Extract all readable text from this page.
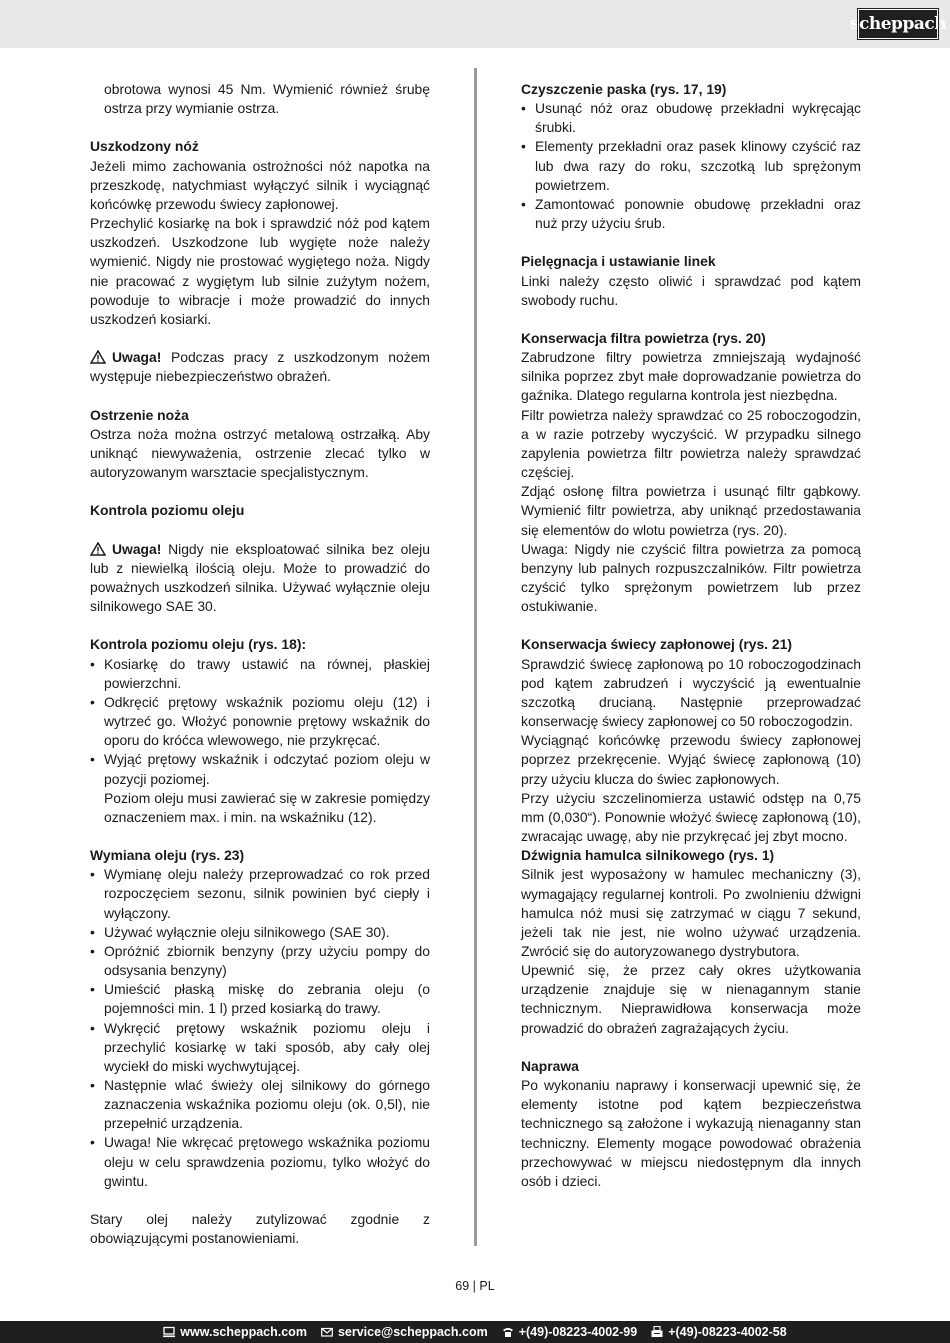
scheppach

obrotowa wynosi 45 Nm. Wymienić również śrubę ostrza przy wymianie ostrza.

Uszkodzony nóż

Jeżeli mimo zachowania ostrożności nóż napotka na przeszkodę, natychmiast wyłączyć silnik i wyciągnąć końcówkę przewodu świecy zapłonowej.

Przechylić kosiarkę na bok i sprawdzić nóż pod kątem uszkodzeń. Uszkodzone lub wygięte noże należy wymienić. Nigdy nie prostować wygiętego noża. Nigdy nie pracować z wygiętym lub silnie zużytym nożem, powoduje to wibracje i może prowadzić do innych uszkodzeń kosiarki.

Uwaga! Podczas pracy z uszkodzonym nożem występuje niebezpieczeństwo obrażeń.

Ostrzenie noża

Ostrza noża można ostrzyć metalową ostrzałką. Aby uniknąć niewyważenia, ostrzenie zlecać tylko w autoryzowanym warsztacie specjalistycznym.

Kontrola poziomu oleju

Uwaga! Nigdy nie eksploatować silnika bez oleju lub z niewielką ilością oleju. Może to prowadzić do poważnych uszkodzeń silnika. Używać wyłącznie oleju silnikowego SAE 30.

Kontrola poziomu oleju (rys. 18):
• Kosiarkę do trawy ustawić na równej, płaskiej powierzchni.
• Odkręcić prętowy wskaźnik poziomu oleju (12) i wytrzeć go. Włożyć ponownie prętowy wskaźnik do oporu do króćca wlewowego, nie przykręcać.
• Wyjąć prętowy wskaźnik i odczytać poziom oleju w pozycji poziomej.

Poziom oleju musi zawierać się w zakresie pomiędzy oznaczeniem max. i min. na wskaźniku (12).

Wymiana oleju (rys. 23)
• Wymianę oleju należy przeprowadzać co rok przed rozpoczęciem sezonu, silnik powinien być ciepły i wyłączony.
• Używać wyłącznie oleju silnikowego (SAE 30).
• Opróżnić zbiornik benzyny (przy użyciu pompy do odsysania benzyny)
• Umieścić płaską miskę do zebrania oleju (o pojemności min. 1 l) przed kosiarką do trawy.
• Wykręcić prętowy wskaźnik poziomu oleju i przechylić kosiarkę w taki sposób, aby cały olej wyciekł do miski wychwytującej.
• Następnie wlać świeży olej silnikowy do górnego zaznaczenia wskaźnika poziomu oleju (ok. 0,5l), nie przepełnić urządzenia.
• Uwaga! Nie wkręcać prętowego wskaźnika poziomu oleju w celu sprawdzenia poziomu, tylko włożyć do gwintu.

Stary olej należy zutylizować zgodnie z obowiązującymi postanowieniami.

Czyszczenie paska (rys. 17, 19)
• Usunąć nóż oraz obudowę przekładni wykręcając śrubki.
• Elementy przekładni oraz pasek klinowy czyścić raz lub dwa razy do roku, szczotką lub sprężonym powietrzem.
• Zamontować ponownie obudowę przekładni oraz nuż przy użyciu śrub.
Pielęgnacja i ustawianie linek

Linki należy często oliwić i sprawdzać pod kątem swobody ruchu.

Konserwacja filtra powietrza (rys. 20)

Zabrudzone filtry powietrza zmniejszają wydajność silnika poprzez zbyt małe doprowadzanie powietrza do gaźnika. Dlatego regularna kontrola jest niezbędna.

Filtr powietrza należy sprawdzać co 25 roboczogodzin, a w razie potrzeby wyczyścić. W przypadku silnego zapylenia powietrza filtr powietrza należy sprawdzać częściej.

Zdjąć osłonę filtra powietrza i usunąć filtr gąbkowy. Wymienić filtr powietrza, aby uniknąć przedostawania się elementów do wlotu powietrza (rys. 20).

Uwaga: Nigdy nie czyścić filtra powietrza za pomocą benzyny lub palnych rozpuszczalników. Filtr powietrza czyścić tylko sprężonym powietrzem lub przez ostukiwanie.

Konserwacja świecy zapłonowej (rys. 21)

Sprawdzić świecę zapłonową po 10 roboczogodzinach pod kątem zabrudzeń i wyczyścić ją ewentualnie szczotką drucianą. Następnie przeprowadzać konserwację świecy zapłonowej co 50 roboczogodzin.

Wyciągnąć końcówkę przewodu świecy zapłonowej poprzez przekręcenie. Wyjąć świecę zapłonową (10) przy użyciu klucza do świec zapłonowych.

Przy użyciu szczelinomierza ustawić odstęp na 0,75 mm (0,030“). Ponownie włożyć świecę zapłonową (10), zwracając uwagę, aby nie przykręcać jej zbyt mocno.

Dźwignia hamulca silnikowego (rys. 1)

Silnik jest wyposażony w hamulec mechaniczny (3), wymagający regularnej kontroli. Po zwolnieniu dźwigni hamulca nóż musi się zatrzymać w ciągu 7 sekund, jeżeli tak nie jest, nie wolno używać urządzenia. Zwrócić się do autoryzowanego dystrybutora.

Upewnić się, że przez cały okres użytkowania urządzenie znajduje się w nienagannym stanie technicznym. Nieprawidłowa konserwacja może prowadzić do obrażeń zagrażających życiu.

Naprawa

Po wykonaniu naprawy i konserwacji upewnić się, że elementy istotne pod kątem bezpieczeństwa technicznego są założone i wykazują nienaganny stan techniczny. Elementy mogące powodować obrażenia przechowywać w miejscu niedostępnym dla innych osób i dzieci.

69 | PL
www.scheppach.com service@scheppach.com +(49)-08223-4002-99 +(49)-08223-4002-58
